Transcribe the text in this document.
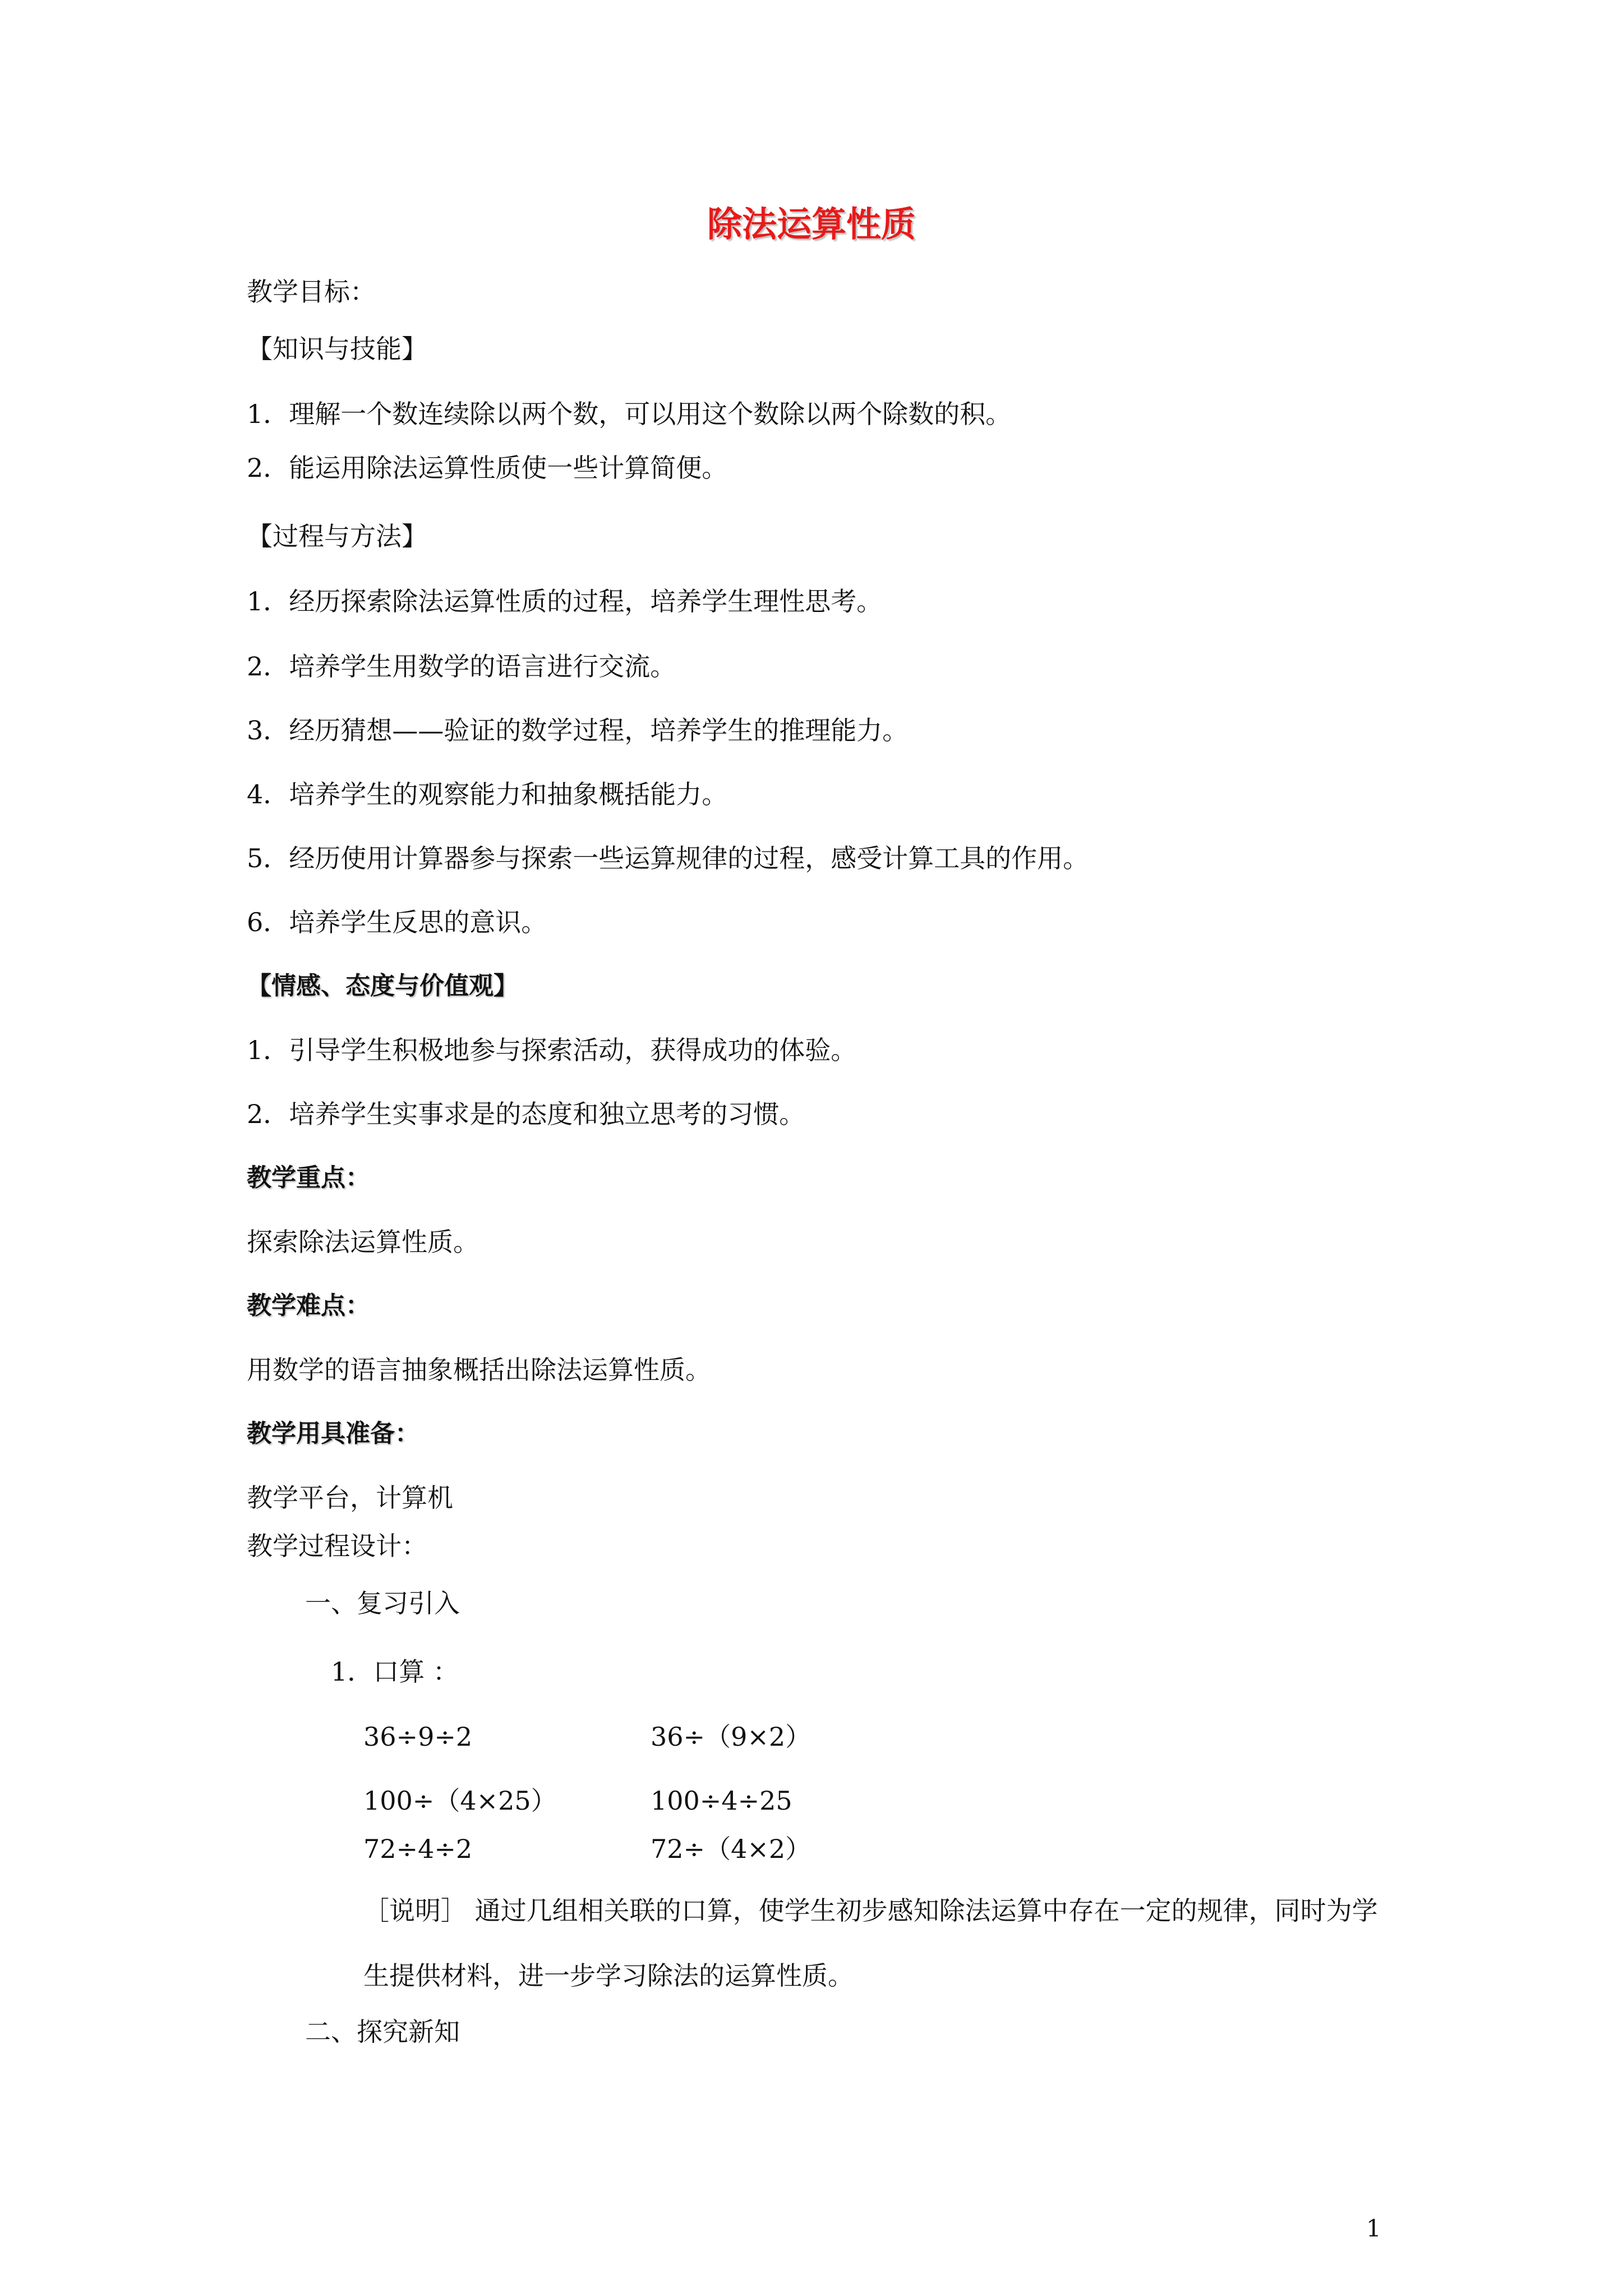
除法运算性质
教学目标：
【知识与技能】
1．理解一个数连续除以两个数，可以用这个数除以两个除数的积。
2．能运用除法运算性质使一些计算简便。
【过程与方法】
1．经历探索除法运算性质的过程，培养学生理性思考。
2．培养学生用数学的语言进行交流。
3．经历猜想——验证的数学过程，培养学生的推理能力。
4．培养学生的观察能力和抽象概括能力。
5．经历使用计算器参与探索一些运算规律的过程，感受计算工具的作用。
6．培养学生反思的意识。
【情感、态度与价值观】
1．引导学生积极地参与探索活动，获得成功的体验。
2．培养学生实事求是的态度和独立思考的习惯。
教学重点：
探索除法运算性质。
教学难点：
用数学的语言抽象概括出除法运算性质。
教学用具准备：
教学平台，计算机
教学过程设计：
一、复习引入
1．口算 ：
36÷9÷2	36÷（9×2）
100÷（4×25）	100÷4÷25
72÷4÷2	72÷（4×2）
［说明］ 通过几组相关联的口算，使学生初步感知除法运算中存在一定的规律，同时为学生提供材料，进一步学习除法的运算性质。
二、探究新知
1
